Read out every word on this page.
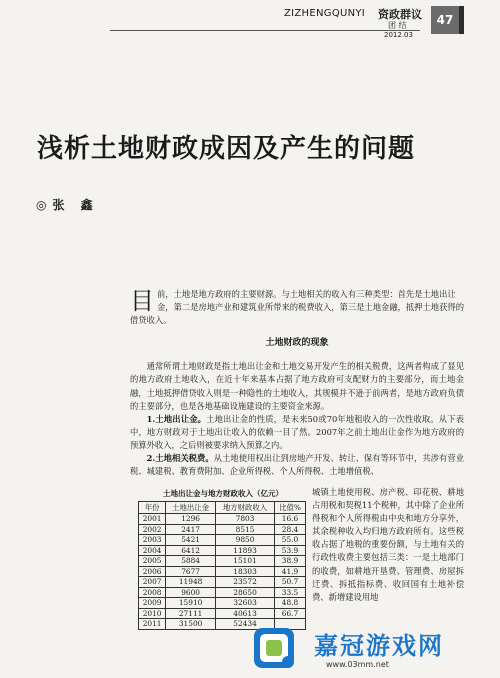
ZIZHENGQUNYI 资政群议
团 结
2012.03
47
浅析土地财政成因及产生的问题
◎张 鑫

目前，土地是地方政府的主要财源。与土地相关的收入有三种类型：首先是土地出让金，第二是房地产业和建筑业所带来的税费收入，第三是土地金融，抵押土地获得的借贷收入。

土地财政的现象

通常所谓土地财政是指土地出让金和土地交易开发产生的相关税费，这两者构成了显见的地方政府土地收入，在近十年来基本占据了地方政府可支配财力的主要部分，而土地金融，土地抵押借贷收入则是一种隐性的土地收入，其规模并不逊于前两者，是地方政府负债的主要部分，也是各地基础设施建设的主要资金来源。

1.土地出让金。土地出让金的性质，是未来50或70年地租收入的一次性收取。从下表中，地方财政对于土地出让收入的依赖一目了然。2007年之前土地出让金作为地方政府的预算外收入，之后则被要求纳入预算之内。

2.土地相关税费。从土地使用权出让到房地产开发、转让、保有等环节中，共涉有营业税、城建税、教育费附加、企业所得税、个人所得税、土地增值税、

土地出让金与地方财政收入（亿元）
年份	土地出让金	地方财政收入	比值%
2001	1296	7803	16.6
2002	2417	8515	28.4
2003	5421	9850	55.0
2004	6412	11893	53.9
2005	5884	15101	38.9
2006	7677	18303	41.9
2007	11948	23572	50.7
2008	9600	28650	33.5
2009	15910	32603	48.8
2010	27111	40613	66.7
2011	31500	52434	
城镇土地使用税、房产税、印花税、耕地占用税和契税11个税种，其中除了企业所得税和个人所得税由中央和地方分享外，其余税种收入均归地方政府所有。这些税收占据了地税的重要份额，与土地有关的行政性收费主要包括三类：一是土地部门的收费，如耕地开垦费、管理费、房屋拆迁费、拆抵指标费、收回国有土地补偿费、新增建设用地
嘉冠游戏网
www.03mm.net
